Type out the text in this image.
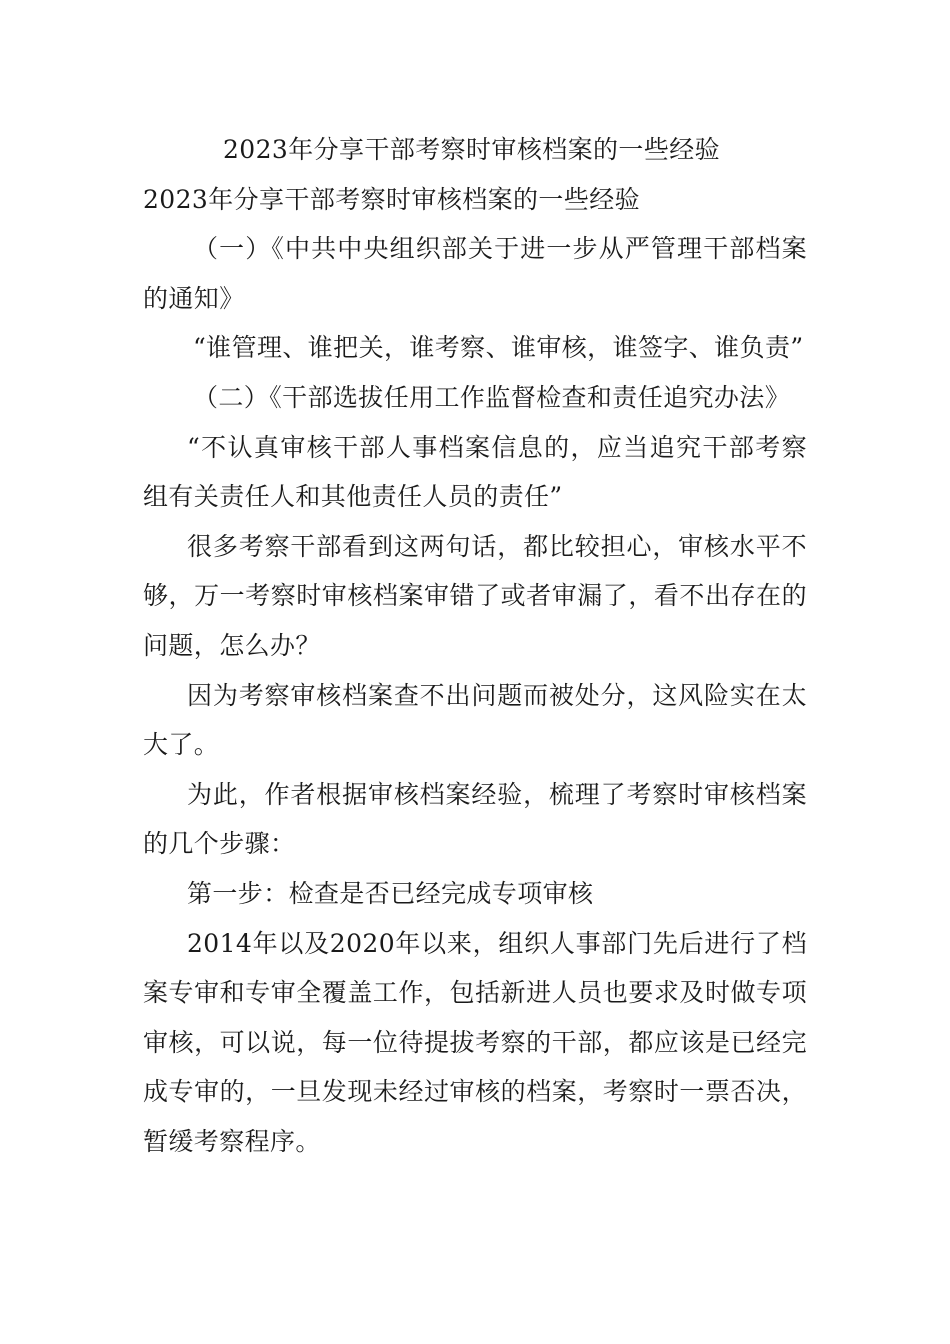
2023年分享干部考察时审核档案的一些经验

2023年分享干部考察时审核档案的一些经验

（一）《中共中央组织部关于进一步从严管理干部档案的通知》

“谁管理、谁把关，谁考察、谁审核，谁签字、谁负责”

（二）《干部选拔任用工作监督检查和责任追究办法》

“不认真审核干部人事档案信息的，应当追究干部考察组有关责任人和其他责任人员的责任”

很多考察干部看到这两句话，都比较担心，审核水平不够，万一考察时审核档案审错了或者审漏了，看不出存在的问题，怎么办？

因为考察审核档案查不出问题而被处分，这风险实在太大了。

为此，作者根据审核档案经验，梳理了考察时审核档案的几个步骤：

第一步：检查是否已经完成专项审核

2014年以及2020年以来，组织人事部门先后进行了档案专审和专审全覆盖工作，包括新进人员也要求及时做专项审核，可以说，每一位待提拔考察的干部，都应该是已经完成专审的，一旦发现未经过审核的档案，考察时一票否决，暂缓考察程序。
